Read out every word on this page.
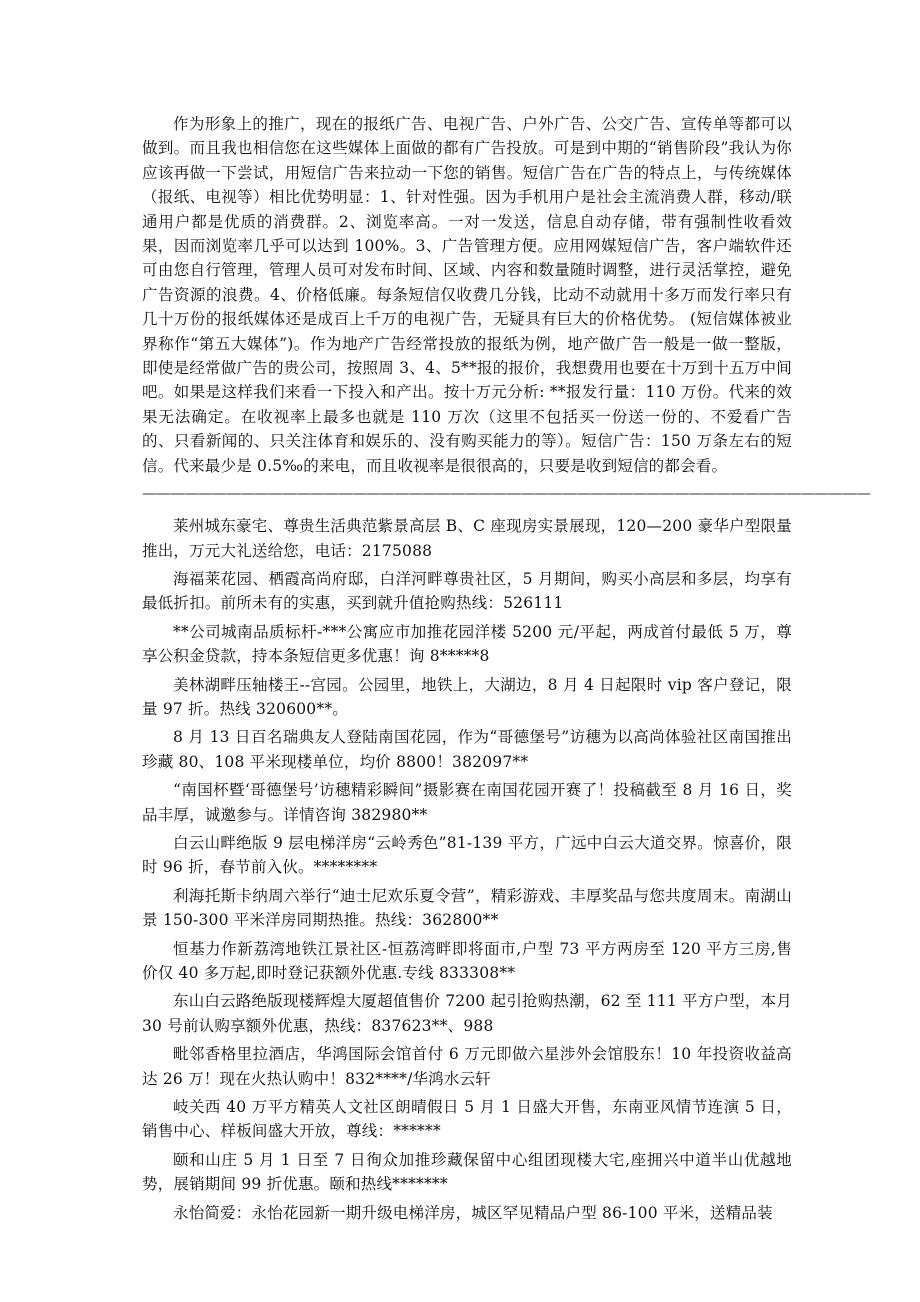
作为形象上的推广，现在的报纸广告、电视广告、户外广告、公交广告、宣传单等都可以做到。而且我也相信您在这些媒体上面做的都有广告投放。可是到中期的“销售阶段”我认为你应该再做一下尝试，用短信广告来拉动一下您的销售。短信广告在广告的特点上，与传统媒体（报纸、电视等）相比优势明显：1、针对性强。因为手机用户是社会主流消费人群，移动/联通用户都是优质的消费群。2、浏览率高。一对一发送，信息自动存储，带有强制性收看效果，因而浏览率几乎可以达到 100%。3、广告管理方便。应用网媒短信广告，客户端软件还可由您自行管理，管理人员可对发布时间、区域、内容和数量随时调整，进行灵活掌控，避免广告资源的浪费。4、价格低廉。每条短信仅收费几分钱，比动不动就用十多万而发行率只有几十万份的报纸媒体还是成百上千万的电视广告，无疑具有巨大的价格优势。 (短信媒体被业界称作“第五大媒体”)。作为地产广告经常投放的报纸为例，地产做广告一般是一做一整版，即使是经常做广告的贵公司，按照周 3、4、5**报的报价，我想费用也要在十万到十五万中间吧。如果是这样我们来看一下投入和产出。按十万元分析: **报发行量：110 万份。代来的效果无法确定。在收视率上最多也就是 110 万次（这里不包括买一份送一份的、不爱看广告的、只看新闻的、只关注体育和娱乐的、没有购买能力的等）。短信广告：150 万条左右的短信。代来最少是 0.5‰的来电，而且收视率是很很高的，只要是收到短信的都会看。

————————————————————————————————————————————————————

莱州城东豪宅、尊贵生活典范紫景高层 B、C 座现房实景展现，120—200 豪华户型限量推出，万元大礼送给您，电话：2175088

海福莱花园、栖霞高尚府邸，白洋河畔尊贵社区，5 月期间，购买小高层和多层，均享有最低折扣。前所未有的实惠，买到就升值抢购热线：526111

**公司城南品质标杆-***公寓应市加推花园洋楼 5200 元/平起，两成首付最低 5 万，尊享公积金贷款，持本条短信更多优惠！询 8*****8

美林湖畔压轴楼王--宫园。公园里，地铁上，大湖边，8 月 4 日起限时 vip 客户登记，限量 97 折。热线 320600**。

8 月 13 日百名瑞典友人登陆南国花园，作为“哥德堡号”访穗为以高尚体验社区南国推出珍藏 80、108 平米现楼单位，均价 8800！382097**

“南国杯暨‘哥德堡号’访穗精彩瞬间”摄影赛在南国花园开赛了！投稿截至 8 月 16 日，奖品丰厚，诚邀参与。详情咨询 382980**

白云山畔绝版 9 层电梯洋房“云岭秀色”81-139 平方，广远中白云大道交界。惊喜价，限时 96 折，春节前入伙。********

利海托斯卡纳周六举行“迪士尼欢乐夏令营”，精彩游戏、丰厚奖品与您共度周末。南湖山景 150-300 平米洋房同期热推。热线：362800**

恒基力作新荔湾地铁江景社区-恒荔湾畔即将面市,户型 73 平方两房至 120 平方三房,售价仅 40 多万起,即时登记获额外优惠.专线 833308**

东山白云路绝版现楼辉煌大厦超值售价 7200 起引抢购热潮，62 至 111 平方户型，本月 30 号前认购享额外优惠，热线：837623**、988

毗邻香格里拉酒店，华鸿国际会馆首付 6 万元即做六星涉外会馆股东！10 年投资收益高达 26 万！现在火热认购中！832****/华鸿水云轩

岐关西 40 万平方精英人文社区朗晴假日 5 月 1 日盛大开售，东南亚风情节连演 5 日，销售中心、样板间盛大开放，尊线：******

颐和山庄 5 月 1 日至 7 日徇众加推珍藏保留中心组团现楼大宅,座拥兴中道半山优越地势，展销期间 99 折优惠。颐和热线*******

永怡简爱：永怡花园新一期升级电梯洋房，城区罕见精品户型 86-100 平米，送精品装
